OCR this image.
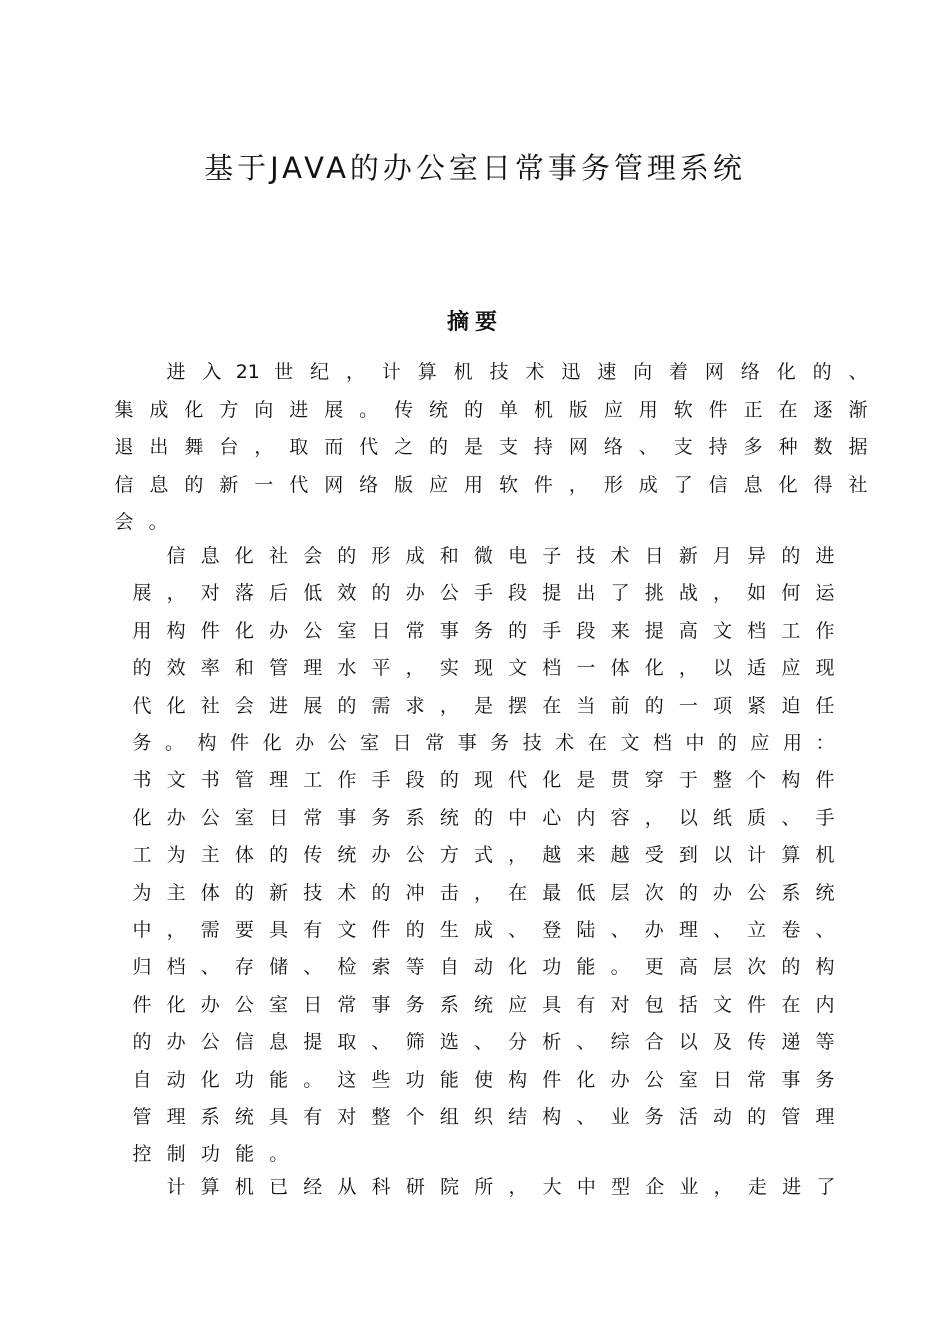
基于JAVA的办公室日常事务管理系统
摘要
进 入 21 世 纪 ， 计 算 机 技 术 迅 速 向 着 网 络 化 的 、
集 成 化 方 向 进 展 。 传 统 的 单 机 版 应 用 软 件 正 在 逐 渐
退 出 舞 台 ， 取 而 代 之 的 是 支 持 网 络 、 支 持 多 种 数 据
信 息 的 新 一 代 网 络 版 应 用 软 件 ， 形 成 了 信 息 化 得 社
会 。
信 息 化 社 会 的 形 成 和 微 电 子 技 术 日 新 月 异 的 进
展 ， 对 落 后 低 效 的 办 公 手 段 提 出 了 挑 战 ， 如 何 运
用 构 件 化 办 公 室 日 常 事 务 的 手 段 来 提 高 文 档 工 作
的 效 率 和 管 理 水 平 ， 实 现 文 档 一 体 化 ， 以 适 应 现
代 化 社 会 进 展 的 需 求 ， 是 摆 在 当 前 的 一 项 紧 迫 任
务 。 构 件 化 办 公 室 日 常 事 务 技 术 在 文 档 中 的 应 用 ：
书 文 书 管 理 工 作 手 段 的 现 代 化 是 贯 穿 于 整 个 构 件
化 办 公 室 日 常 事 务 系 统 的 中 心 内 容 ， 以 纸 质 、 手
工 为 主 体 的 传 统 办 公 方 式 ， 越 来 越 受 到 以 计 算 机
为 主 体 的 新 技 术 的 冲 击 ， 在 最 低 层 次 的 办 公 系 统
中 ， 需 要 具 有 文 件 的 生 成 、 登 陆 、 办 理 、 立 卷 、
归 档 、 存 储 、 检 索 等 自 动 化 功 能 。 更 高 层 次 的 构
件 化 办 公 室 日 常 事 务 系 统 应 具 有 对 包 括 文 件 在 内
的 办 公 信 息 提 取 、 筛 选 、 分 析 、 综 合 以 及 传 递 等
自 动 化 功 能 。 这 些 功 能 使 构 件 化 办 公 室 日 常 事 务
管 理 系 统 具 有 对 整 个 组 织 结 构 、 业 务 活 动 的 管 理
控 制 功 能 。
计 算 机 已 经 从 科 研 院 所 ， 大 中 型 企 业 ， 走 进 了
